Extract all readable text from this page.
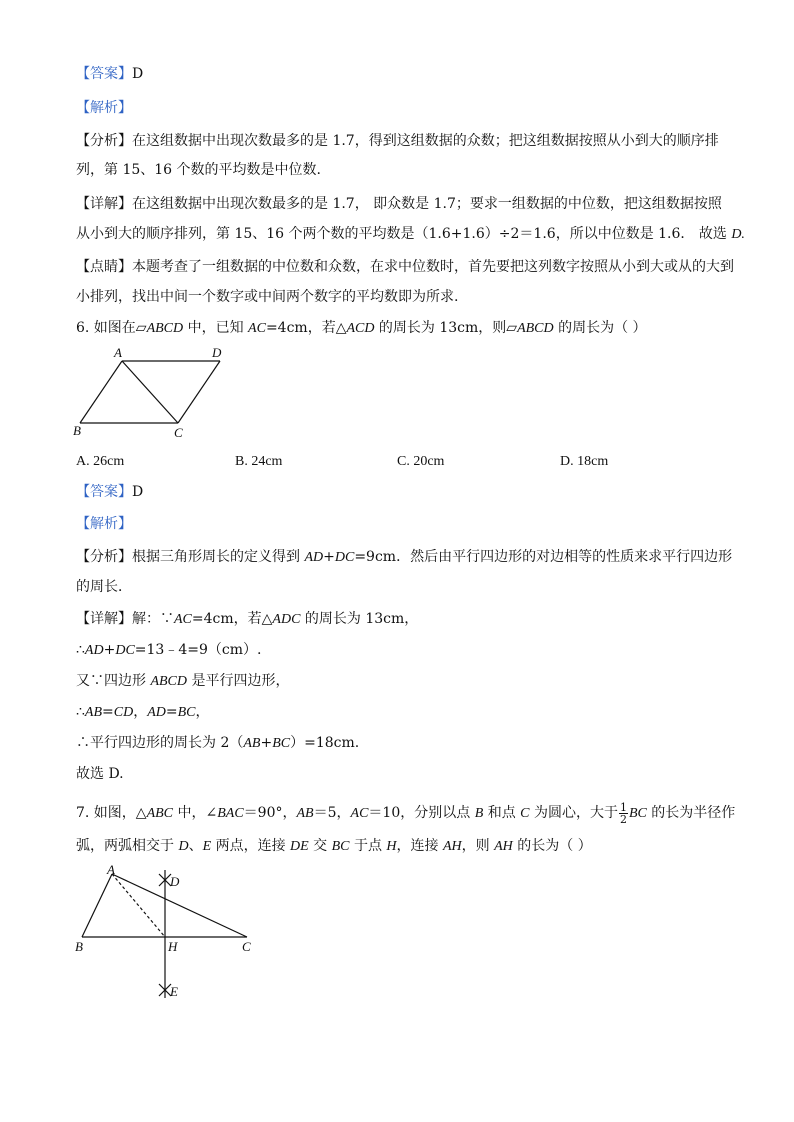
【答案】D
【解析】
【分析】在这组数据中出现次数最多的是 1.7，得到这组数据的众数；把这组数据按照从小到大的顺序排
列，第 15、16 个数的平均数是中位数.
【详解】在这组数据中出现次数最多的是 1.7， 即众数是 1.7；要求一组数据的中位数，把这组数据按照
从小到大的顺序排列，第 15、16 个两个数的平均数是（1.6+1.6）÷2＝1.6，所以中位数是 1.6． 故选 D.
【点睛】本题考查了一组数据的中位数和众数，在求中位数时，首先要把这列数字按照从小到大或从的大到
小排列，找出中间一个数字或中间两个数字的平均数即为所求.
6. 如图在▱ABCD 中，已知 AC=4cm，若△ACD 的周长为 13cm，则▱ABCD 的周长为（ ）
A	D
B	C
A. 26cm	B. 24cm	C. 20cm	D. 18cm
【答案】D
【解析】
【分析】根据三角形周长的定义得到 AD+DC=9cm．然后由平行四边形的对边相等的性质来求平行四边形
的周长．
【详解】解：∵AC=4cm，若△ADC 的周长为 13cm，
∴AD+DC=13﹣4=9（cm）.
又∵四边形 ABCD 是平行四边形，
∴AB=CD，AD=BC，
∴平行四边形的周长为 2（AB+BC）=18cm.
故选 D.
7. 如图，△ABC 中，∠BAC＝90°，AB＝5，AC＝10，分别以点 B 和点 C 为圆心，大于 $\frac{1}{2}$ BC 的长为半径作
弧，两弧相交于 D、E 两点，连接 DE 交 BC 于点 H，连接 AH，则 AH 的长为（ ）
A
D
B	H	C
E
